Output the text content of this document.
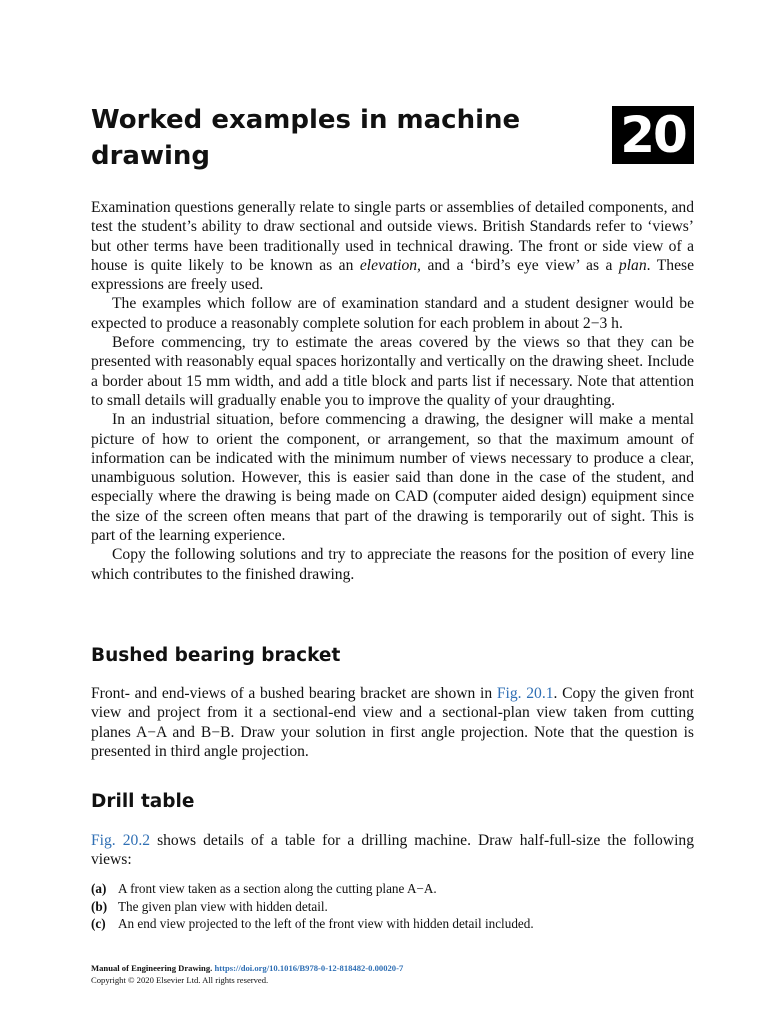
Worked examples in machine
drawing	20

Examination questions generally relate to single parts or assemblies of detailed components, and test the student’s ability to draw sectional and outside views. British Standards refer to ‘views’ but other terms have been traditionally used in technical drawing. The front or side view of a house is quite likely to be known as an elevation, and a ‘bird’s eye view’ as a plan. These expressions are freely used.

The examples which follow are of examination standard and a student designer would be expected to produce a reasonably complete solution for each problem in about 2−3 h.

Before commencing, try to estimate the areas covered by the views so that they can be presented with reasonably equal spaces horizontally and vertically on the drawing sheet. Include a border about 15 mm width, and add a title block and parts list if necessary. Note that attention to small details will gradually enable you to improve the quality of your draughting.

In an industrial situation, before commencing a drawing, the designer will make a mental picture of how to orient the component, or arrangement, so that the maximum amount of information can be indicated with the minimum number of views necessary to produce a clear, unambiguous solution. However, this is easier said than done in the case of the student, and especially where the drawing is being made on CAD (computer aided design) equipment since the size of the screen often means that part of the drawing is temporarily out of sight. This is part of the learning experience.

Copy the following solutions and try to appreciate the reasons for the position of every line which contributes to the finished drawing.

Bushed bearing bracket

Front- and end-views of a bushed bearing bracket are shown in Fig. 20.1. Copy the given front view and project from it a sectional-end view and a sectional-plan view taken from cutting planes A−A and B−B. Draw your solution in first angle projection. Note that the question is presented in third angle projection.

Drill table

Fig. 20.2 shows details of a table for a drilling machine. Draw half-full-size the following views:

(a) A front view taken as a section along the cutting plane A−A.
(b) The given plan view with hidden detail.
(c) An end view projected to the left of the front view with hidden detail included.
Manual of Engineering Drawing. https://doi.org/10.1016/B978-0-12-818482-0.00020-7
Copyright © 2020 Elsevier Ltd. All rights reserved.
